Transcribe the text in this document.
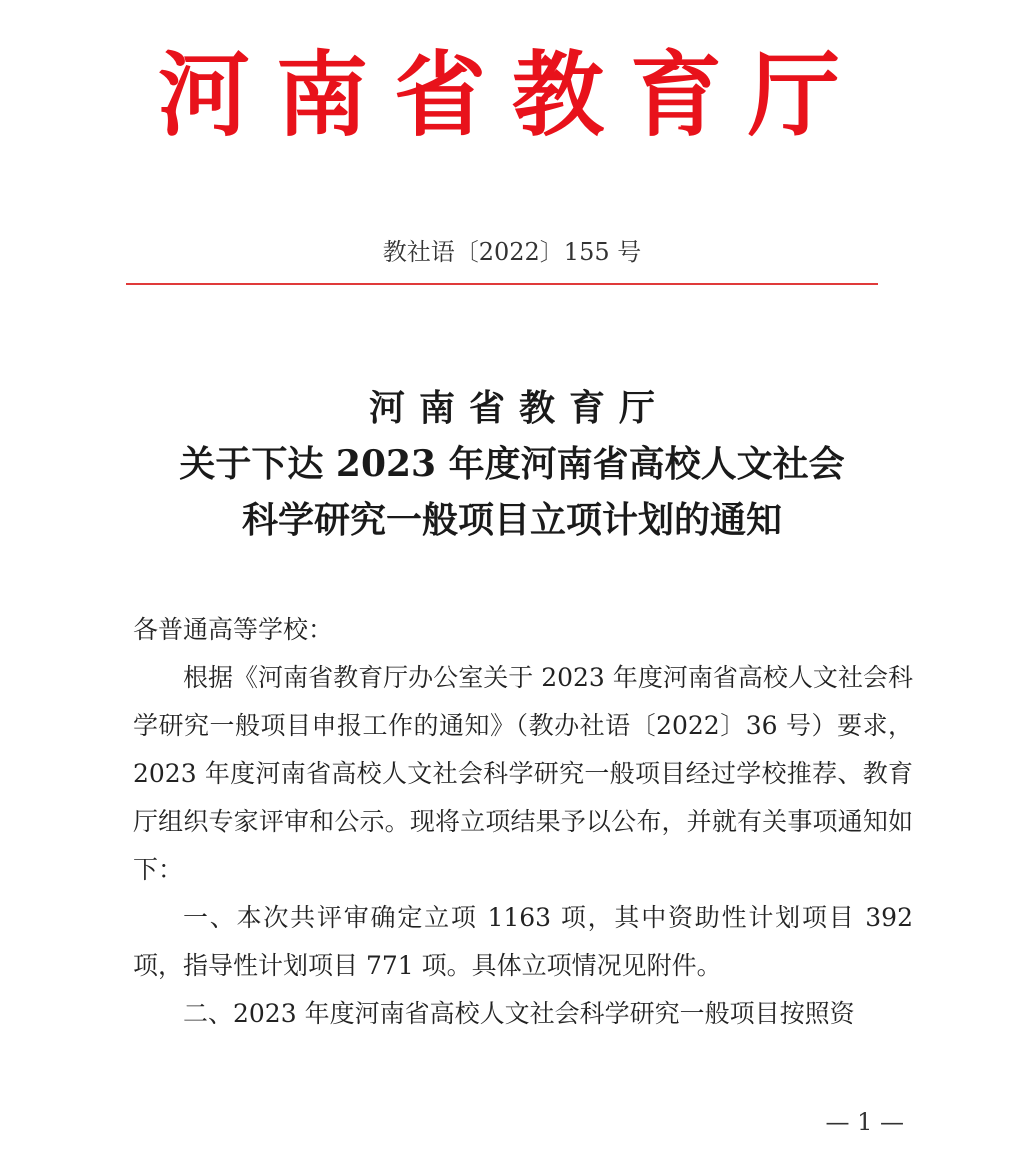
河南省教育厅
教社语〔2022〕155 号
河南省教育厅
关于下达 2023 年度河南省高校人文社会
科学研究一般项目立项计划的通知

各普通高等学校：

根据《河南省教育厅办公室关于 2023 年度河南省高校人文社会科学研究一般项目申报工作的通知》（教办社语〔2022〕36 号）要求，2023 年度河南省高校人文社会科学研究一般项目经过学校推荐、教育厅组织专家评审和公示。现将立项结果予以公布，并就有关事项通知如下：

一、本次共评审确定立项 1163 项，其中资助性计划项目 392 项，指导性计划项目 771 项。具体立项情况见附件。

二、2023 年度河南省高校人文社会科学研究一般项目按照资

— 1 —
